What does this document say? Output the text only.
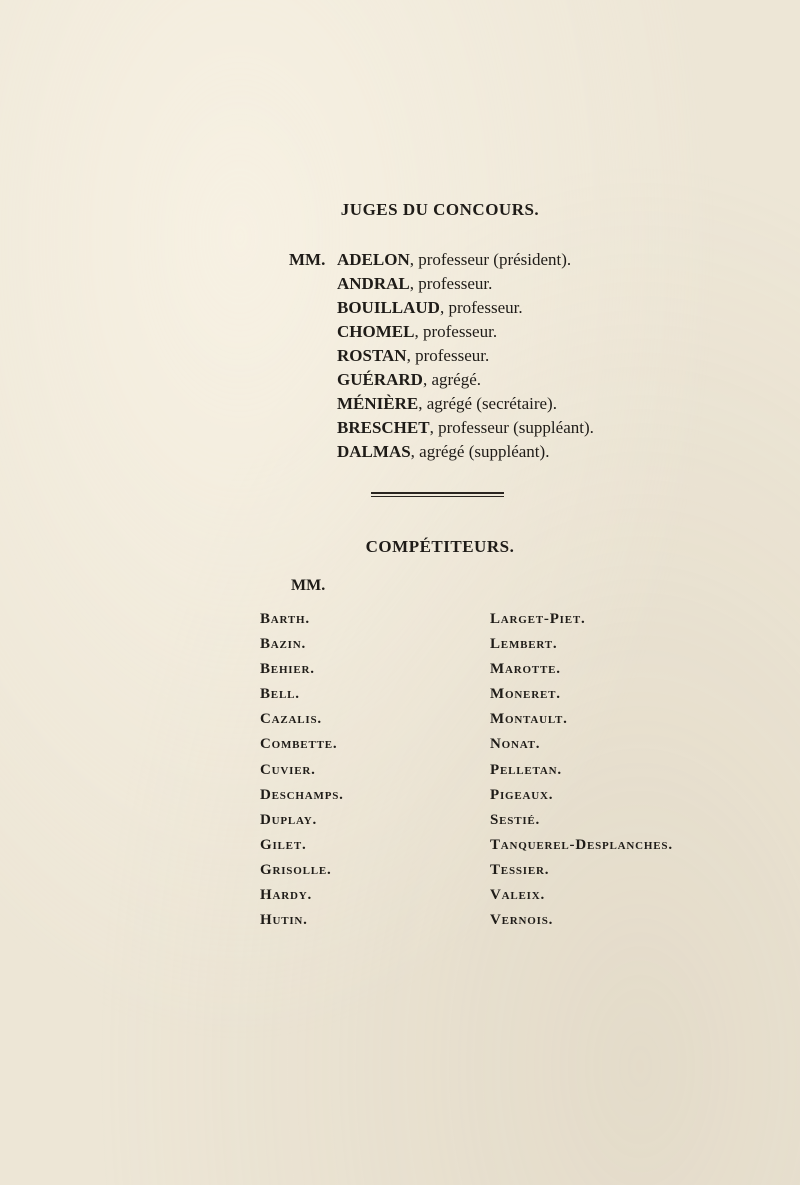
JUGES DU CONCOURS.
MM. ADELON, professeur (président).
ANDRAL, professeur.
BOUILLAUD, professeur.
CHOMEL, professeur.
ROSTAN, professeur.
GUÉRARD, agrégé.
MÉNIÈRE, agrégé (secrétaire).
BRESCHET, professeur (suppléant).
DALMAS, agrégé (suppléant).
COMPÉTITEURS.
MM.
Barth.
Bazin.
Behier.
Bell.
Cazalis.
Combette.
Cuvier.
Deschamps.
Duplay.
Gilet.
Grisolle.
Hardy.
Hutin.
Larget-Piet.
Lembert.
Marotte.
Moneret.
Montault.
Nonat.
Pelletan.
Pigeaux.
Sestié.
Tanquerel-Desplanches.
Tessier.
Valeix.
Vernois.
